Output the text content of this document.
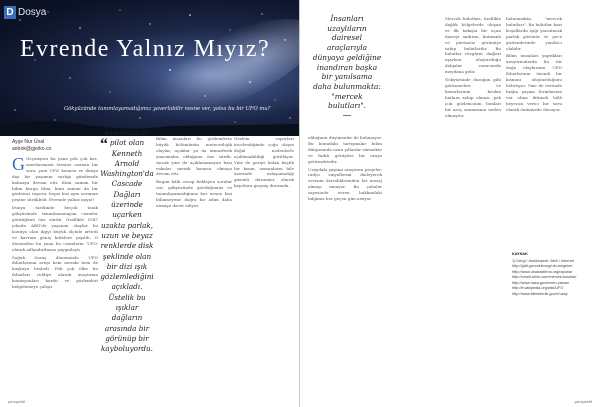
D Dosya
Evrende Yalnız Mıyız?
Gökyüzünde tanımlayamadığımız yaverlabilir nesne ver, yolsa bu bir UFO mu?
Ayşe Nur Ünal
aotrok@gjorko.co

G Geçmişten bu yana pek çok kez, sınırlarımızın ötesine uzanan bir soru, yani UFO konusu ve dünya dışı bir yaşamın varlığı gündemde kalmaya devam etti. Kimi zaman bir bilim kurgu filmi, kimi zaman da bir gözlemci raporu; hepsi bizi aynı sorunun peşine sürükledi: Evrende yalnız mıyız?

Dünya tarihinde birçok tanık gökyüzünde tanımlanamayan cisimler gördüğünü öne sürdü. Özellikle 1947 yılında ABD'de yaşanan olaylar bu konuya olan ilgiyi büyük ölçüde artırdı ve kavram geniş kitlelere yayıldı. O dönemden bu yana bu cisimlerin 'UFO' olarak adlandırılması yaygınlaştı.

Soğuk Savaş döneminde UFO ihbarlarının artışı hem merakı hem de kuşkuyu besledi. Pek çok ülke bu ihbarları ciddiye alarak araştırma komisyonları kurdu ve gözlemleri belgelemeye çalıştı.

“
Amerikalı bir pilot olan Kenneth Arnold Washington'da Cascade Dağları üzerinde uçarken uzakta parlak, uzun ve beyaz renklerde disk şeklinde olan bir dizi ışık gözlemlediğini açıkladı. Üstelik bu ışıklar dağların arasında bir görünüp bir kayboluyordu.

Bilim insanları bu gözlemlerin büyük bölümünün meteorolojik olaylar, uçaklar ya da atmosferik yansımalar olduğunu öne sürdü. Ancak yine de açıklanamayan bazı vakalar merak konusu olmaya devam etti.

Bugün hâlâ cevap bekleyen sorular var; gökyüzünde gördüğümüz ve tanımlayamadığımız her nesne bizi bilinmeyene doğru bir adım daha atmaya davet ediyor.

Gözlem raporları incelendiğinde çoğu olayın doğal nedenlerle açıklanabildiği görülüyor. Yine de geriye kalan küçük bir kısım, uzmanların bile üzerinde uzlaşamadığı gizemli durumlar olarak kayıtlara geçmiş durumda.

perspektif
İnsanları uzaylıların dairesel araçlarıyla dünyaya geldiğine inandıran başka bir yanılsama daha bulunmakta: "mercek bulutları".

olduğunu düşünenler de bulunuyor. Bu konudaki tartışmalar bilim dünyasında uzun yıllardır sürmekte ve farklı görüşleri bir araya getirmektedir.

Uzaydaki yaşamı araştıran projeler, radyo sinyallerini dinleyerek evrenin derinliklerinden bir mesaj almayı umuyor. Bu çabalar sayesinde evren hakkındaki bilgimiz her geçen gün artıyor.

Mercek bulutları, özellikle dağlık bölgelerde oluşan ve ilk bakışta bir uçan daireyi andıran, katmanlı ve pürüzsüz görünüşe sahip bulutlardır. Bu bulutlar rüzgârın dağları aşarken oluşturduğu dalgalar sonucunda meydana gelir.

Gökyüzünde durağan gibi görünmeleri ve kenarlarının keskin hatlara sahip olması, pek çok gözlemcinin bunları bir araç sanmasına neden olmuştur.

bulunmakta: "mercek bulutları". Bu bulutlar bazı koşullarda ışığı yansıtarak parlak görünür ve gece gözlemlerinde yanıltıcı olabilir.

Bilim insanları yaptıkları araştırmalarda bu tür doğa olaylarının UFO ihbarlarının önemli bir kısmını oluşturduğunu belirtiyor. Yine de evrende başka yaşam formlarının var olma ihtimali hâlâ heyecan verici bir soru olarak önümüzde duruyor.

KAYNAK
1) Dergi / Ansiklopedi: Web / Internet
http://gizli-gerceklerorg/ufo-belgeleri
http://www.ufoarastirma.org/raporlar
http://ornek-bilim.com/mercek-bulutlari
http://www.nasa.gov/evren-yasam
http://tr.wikipedia.org/wiki/UFO
http://www.bilimteknik.gov.tr/uzay
perspektif
